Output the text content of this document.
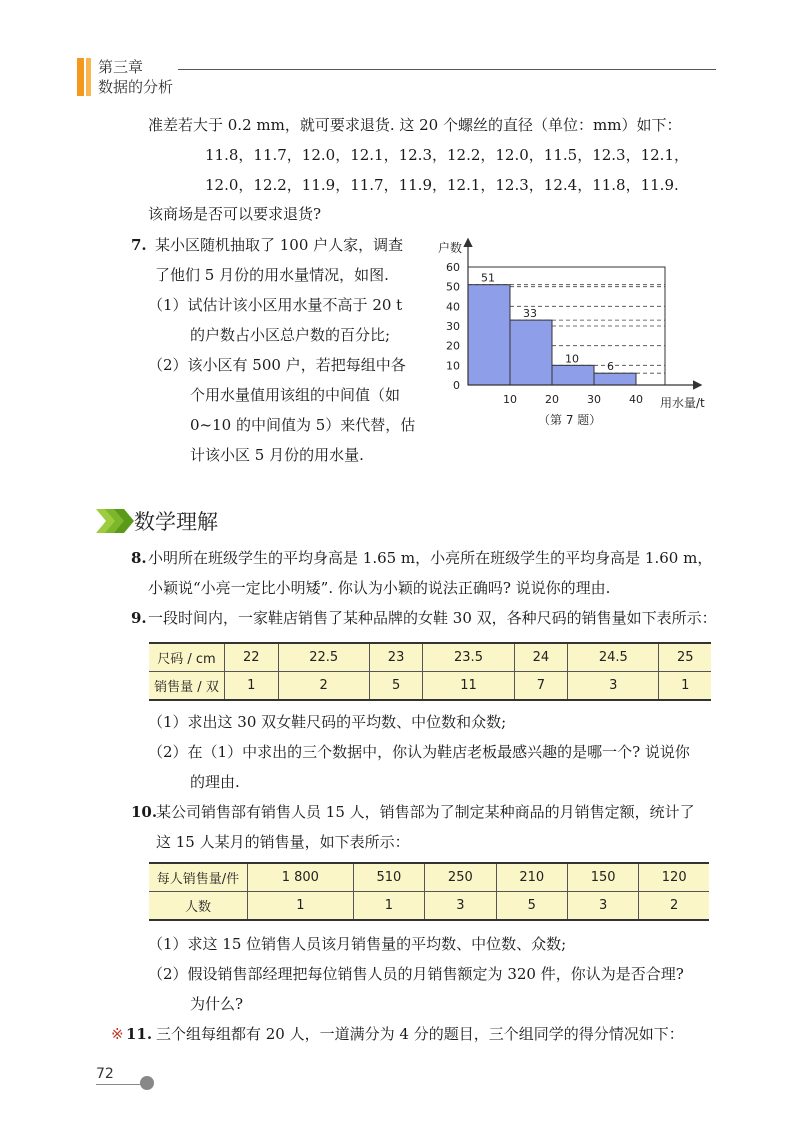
第三章
数据的分析
准差若大于 0.2 mm，就可要求退货. 这 20 个螺丝的直径（单位：mm）如下：
11.8，11.7，12.0，12.1，12.3，12.2，12.0，11.5，12.3，12.1，
12.0，12.2，11.9，11.7，11.9，12.1，12.3，12.4，11.8，11.9.
该商场是否可以要求退货?
7. 某小区随机抽取了 100 户人家，调查
了他们 5 月份的用水量情况，如图.
（1）试估计该小区用水量不高于 20 t
的户数占小区总户数的百分比;
（2）该小区有 500 户，若把每组中各
个用水量值用该组的中间值（如
0~10 的中间值为 5）来代替，估
计该小区 5 月份的用水量.
户数
用水量/t
（第 7 题）
0
10
20
30
40
50
60
10	20	30	40
51
33
10
6
数学理解
8. 小明所在班级学生的平均身高是 1.65 m，小亮所在班级学生的平均身高是 1.60 m，
小颖说“小亮一定比小明矮”. 你认为小颖的说法正确吗? 说说你的理由.
9. 一段时间内，一家鞋店销售了某种品牌的女鞋 30 双，各种尺码的销售量如下表所示：
尺码 / cm	22	22.5	23	23.5	24	24.5	25
销售量 / 双	1	2	5	11	7	3	1
（1）求出这 30 双女鞋尺码的平均数、中位数和众数;
（2）在（1）中求出的三个数据中，你认为鞋店老板最感兴趣的是哪一个? 说说你
的理由.
10.
某公司销售部有销售人员 15 人，销售部为了制定某种商品的月销售定额，统计了
这 15 人某月的销售量，如下表所示：
每人销售量/件	1 800	510	250	210	150	120
人数	1	1	3	5	3	2
（1）求这 15 位销售人员该月销售量的平均数、中位数、众数;
（2）假设销售部经理把每位销售人员的月销售额定为 320 件，你认为是否合理?
为什么?
※ 11. 三个组每组都有 20 人，一道满分为 4 分的题目，三个组同学的得分情况如下：
72
